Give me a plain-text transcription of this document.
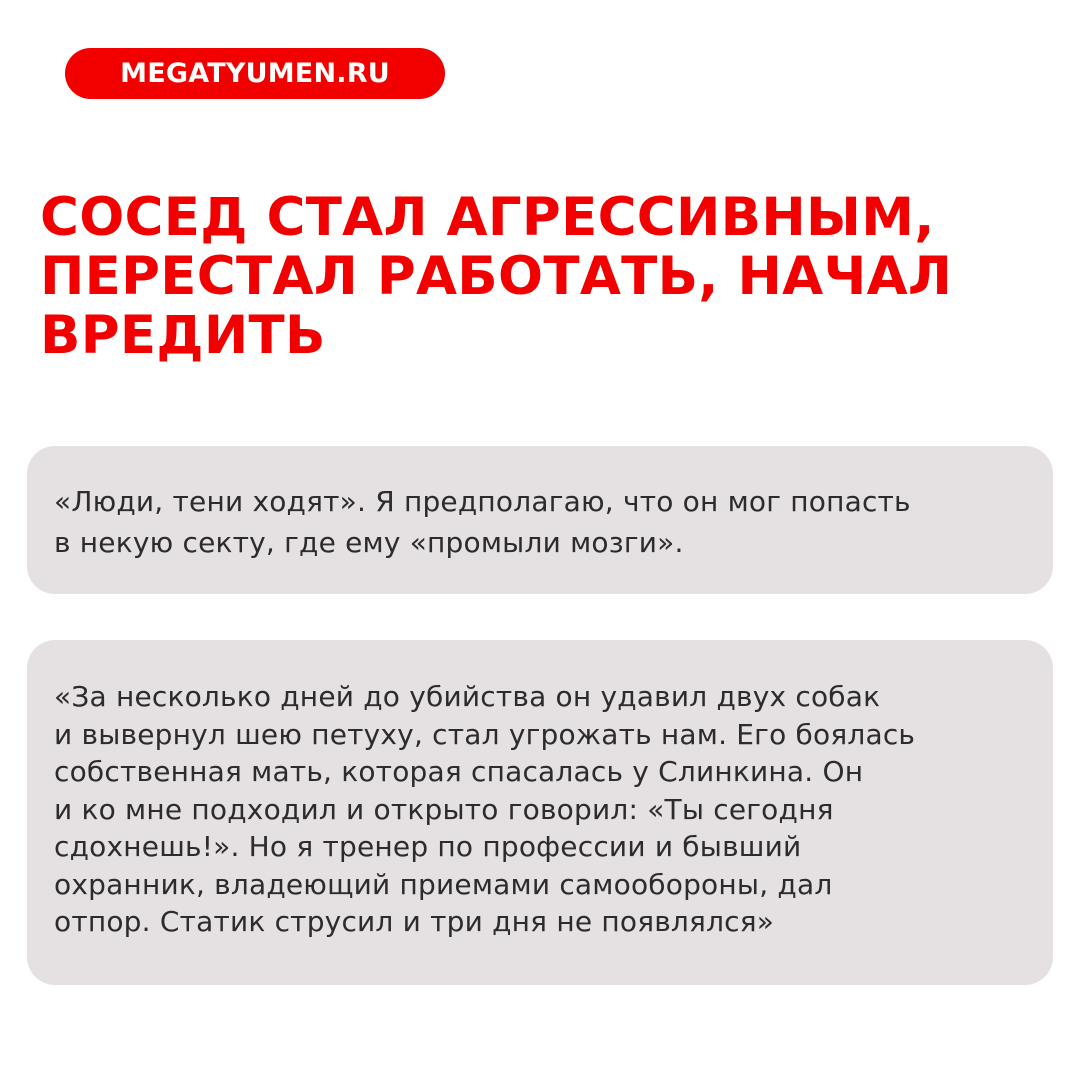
MEGATYUMEN.RU
СОСЕД СТАЛ АГРЕССИВНЫМ,
ПЕРЕСТАЛ РАБОТАТЬ, НАЧАЛ
ВРЕДИТЬ
«Люди, тени ходят». Я предполагаю, что он мог попасть
в некую секту, где ему «промыли мозги».
«За несколько дней до убийства он удавил двух собак
и вывернул шею петуху, стал угрожать нам. Его боялась
собственная мать, которая спасалась у Слинкина. Он
и ко мне подходил и открыто говорил: «Ты сегодня
сдохнешь!». Но я тренер по профессии и бывший
охранник, владеющий приемами самообороны, дал
отпор. Статик струсил и три дня не появлялся»
